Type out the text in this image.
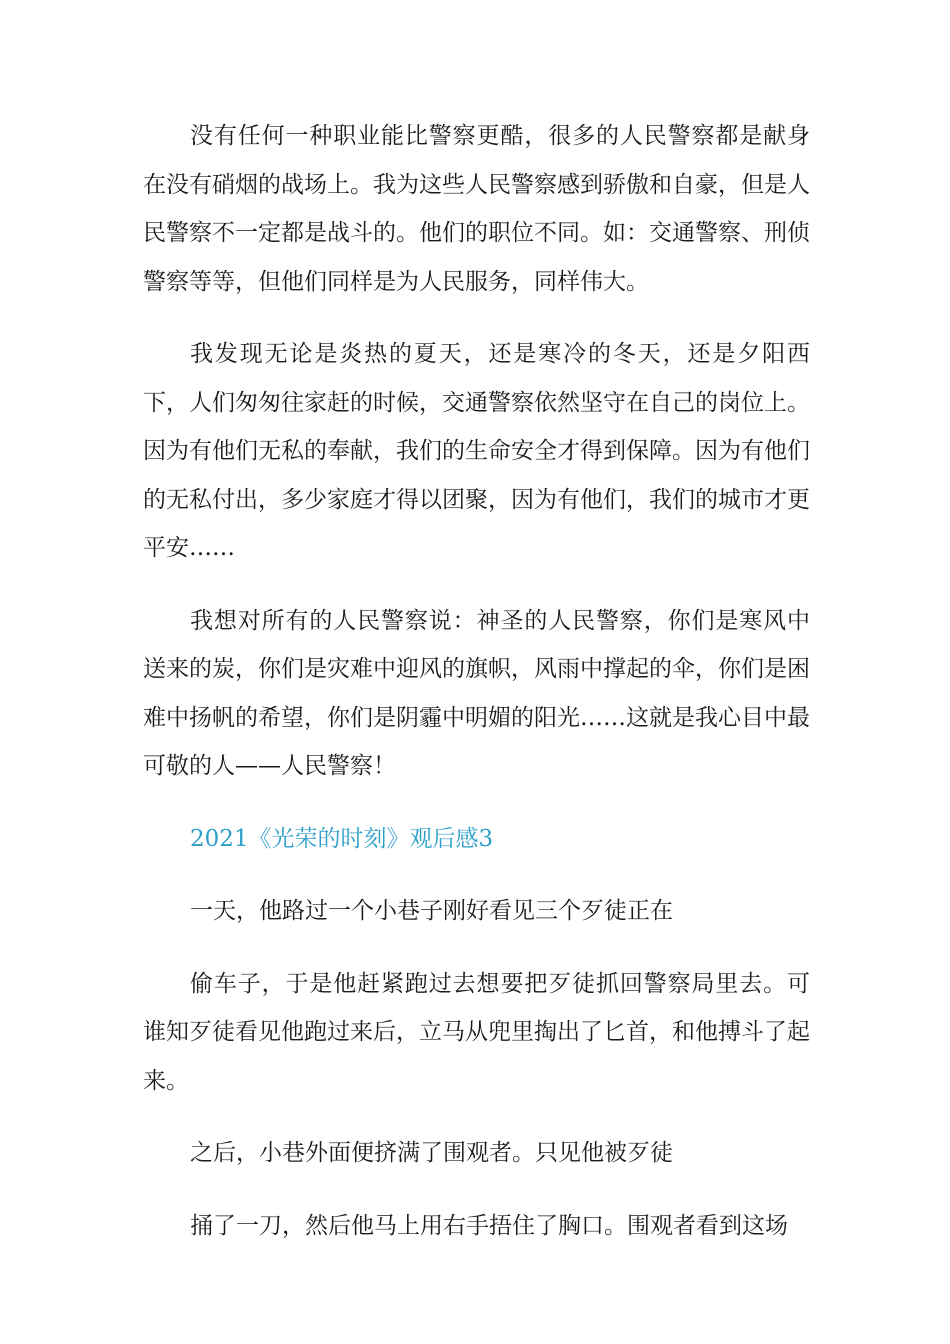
没有任何一种职业能比警察更酷，很多的人民警察都是献身在没有硝烟的战场上。我为这些人民警察感到骄傲和自豪，但是人民警察不一定都是战斗的。他们的职位不同。如：交通警察、刑侦警察等等，但他们同样是为人民服务，同样伟大。

我发现无论是炎热的夏天，还是寒冷的冬天，还是夕阳西下，人们匆匆往家赶的时候，交通警察依然坚守在自己的岗位上。因为有他们无私的奉献，我们的生命安全才得到保障。因为有他们的无私付出，多少家庭才得以团聚，因为有他们，我们的城市才更平安……

我想对所有的人民警察说：神圣的人民警察，你们是寒风中送来的炭，你们是灾难中迎风的旗帜，风雨中撑起的伞，你们是困难中扬帆的希望，你们是阴霾中明媚的阳光……这就是我心目中最可敬的人——人民警察！

2021《光荣的时刻》观后感3

一天，他路过一个小巷子刚好看见三个歹徒正在

偷车子，于是他赶紧跑过去想要把歹徒抓回警察局里去。可谁知歹徒看见他跑过来后，立马从兜里掏出了匕首，和他搏斗了起来。

之后，小巷外面便挤满了围观者。只见他被歹徒

捅了一刀，然后他马上用右手捂住了胸口。围观者看到这场
